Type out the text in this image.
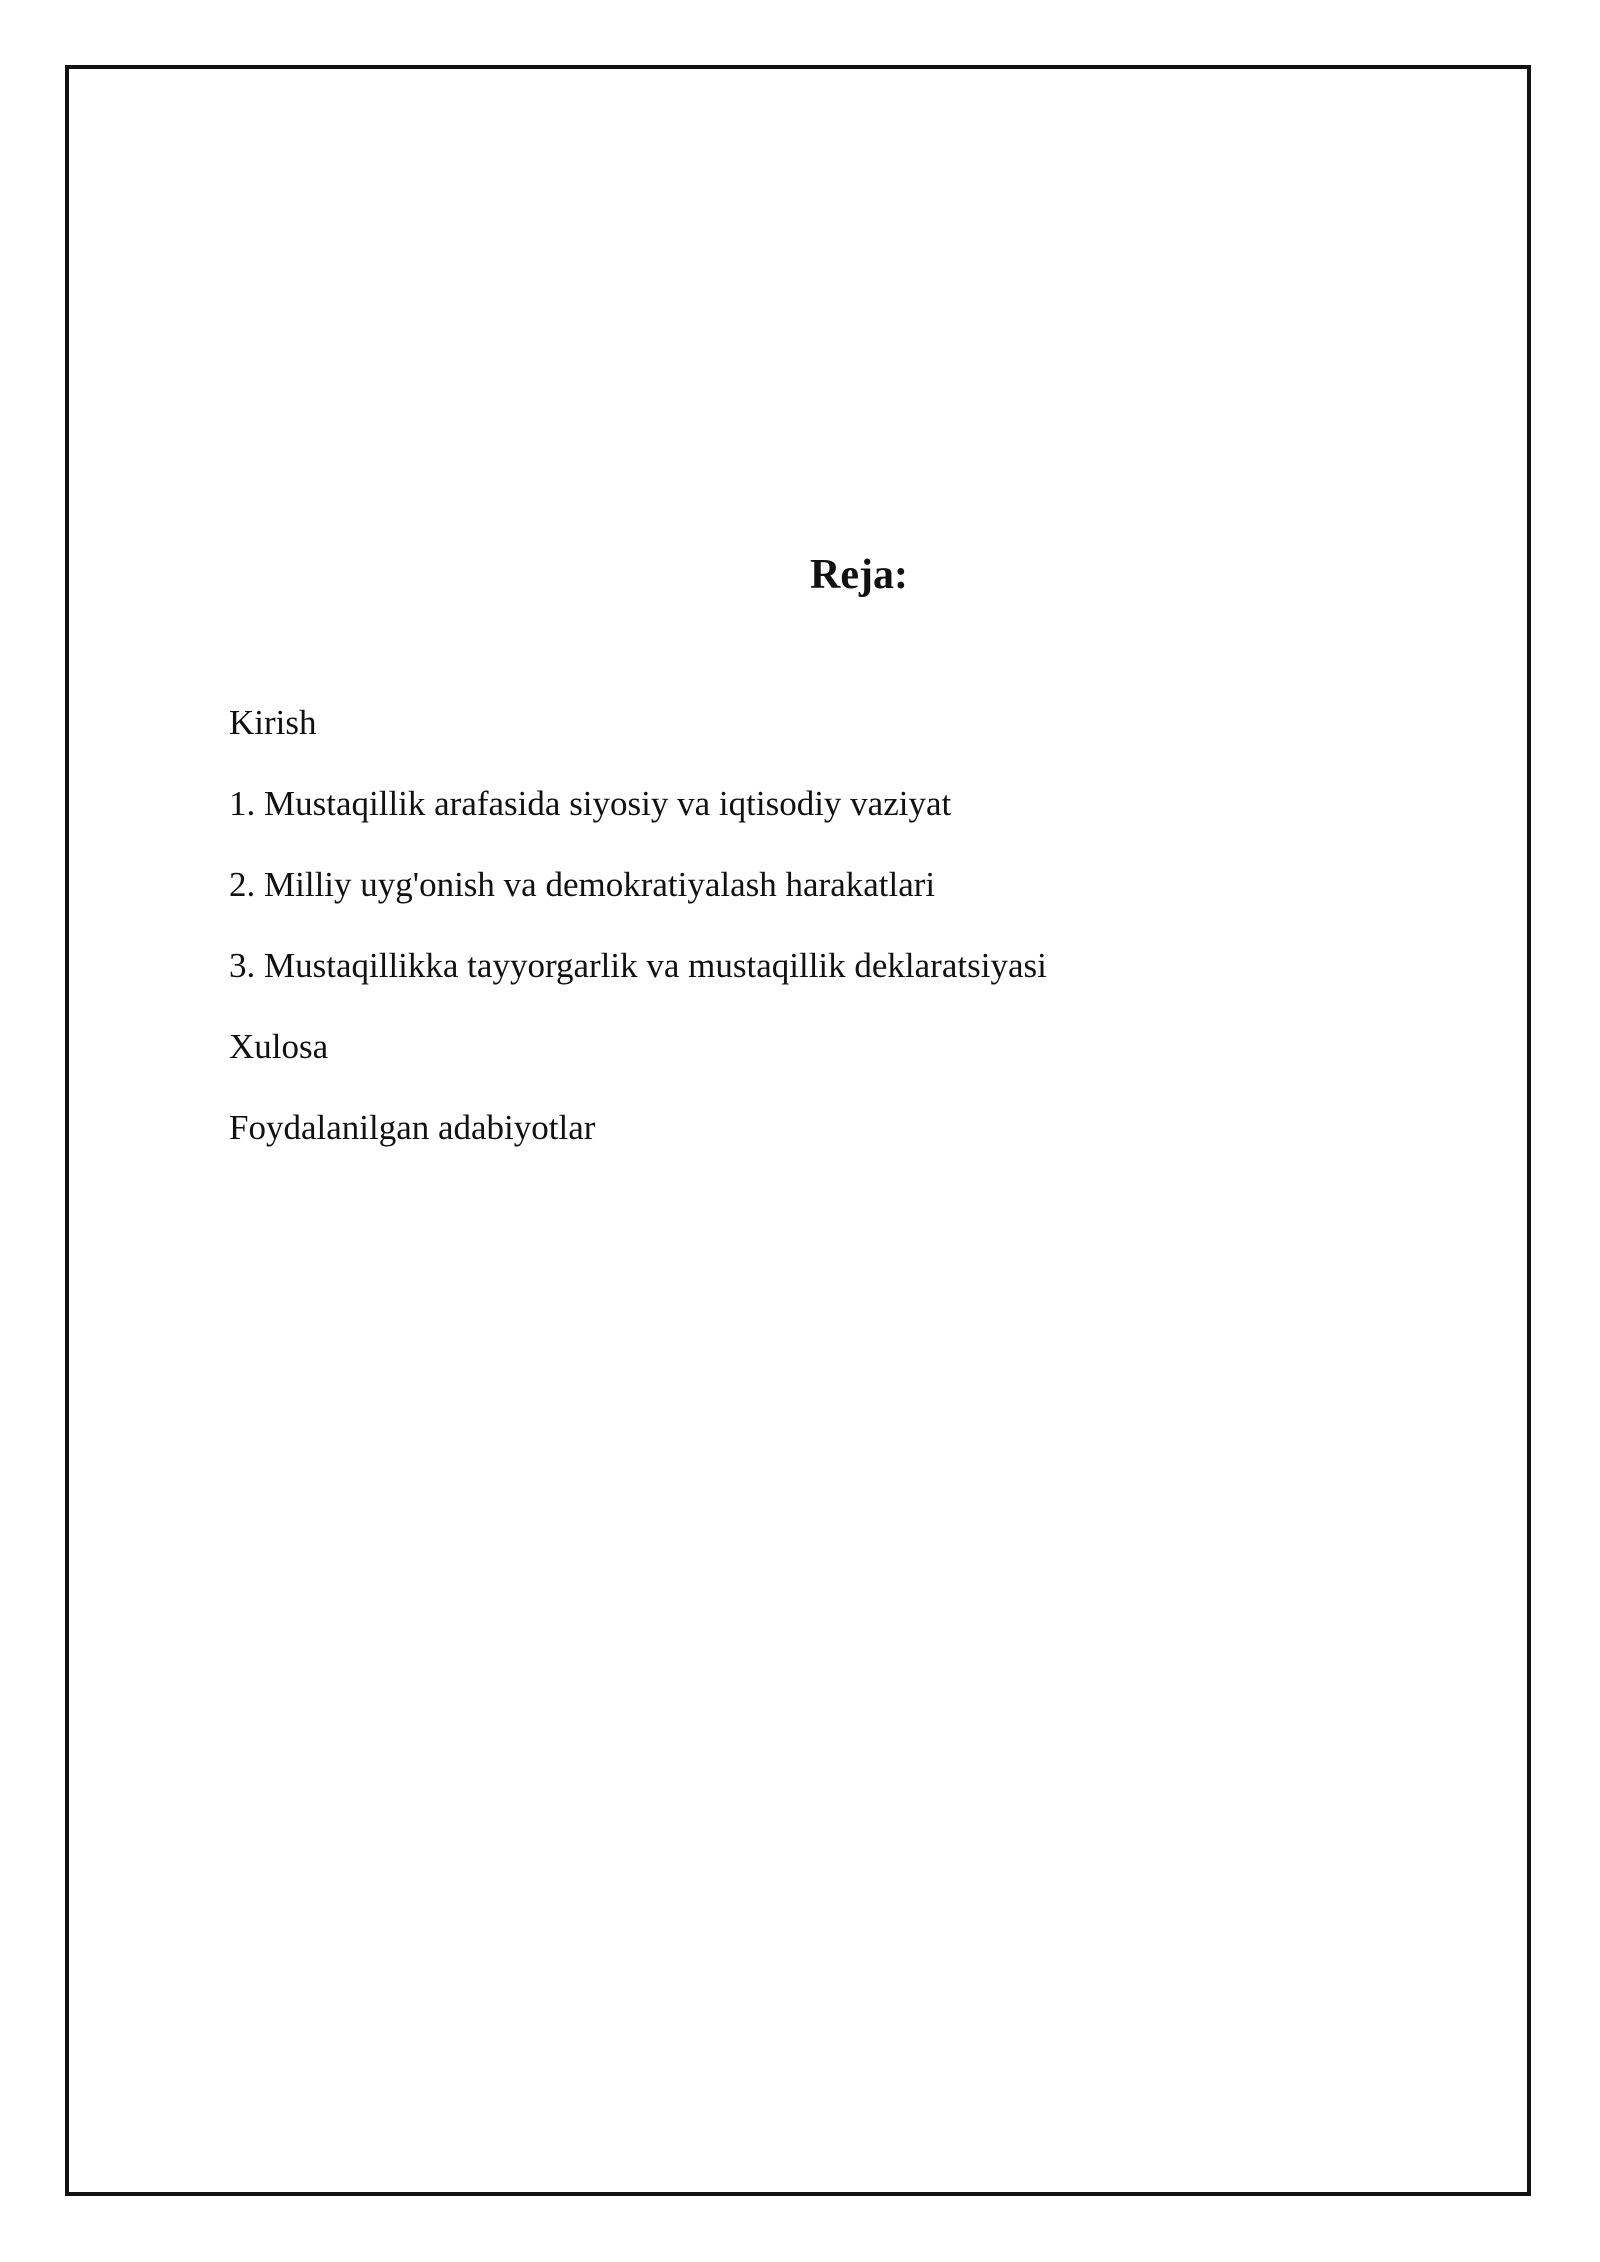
Reja:
Kirish
1. Mustaqillik arafasida siyosiy va iqtisodiy vaziyat
2. Milliy uyg'onish va demokratiyalash harakatlari
3. Mustaqillikka tayyorgarlik va mustaqillik deklaratsiyasi
Xulosa
Foydalanilgan adabiyotlar
